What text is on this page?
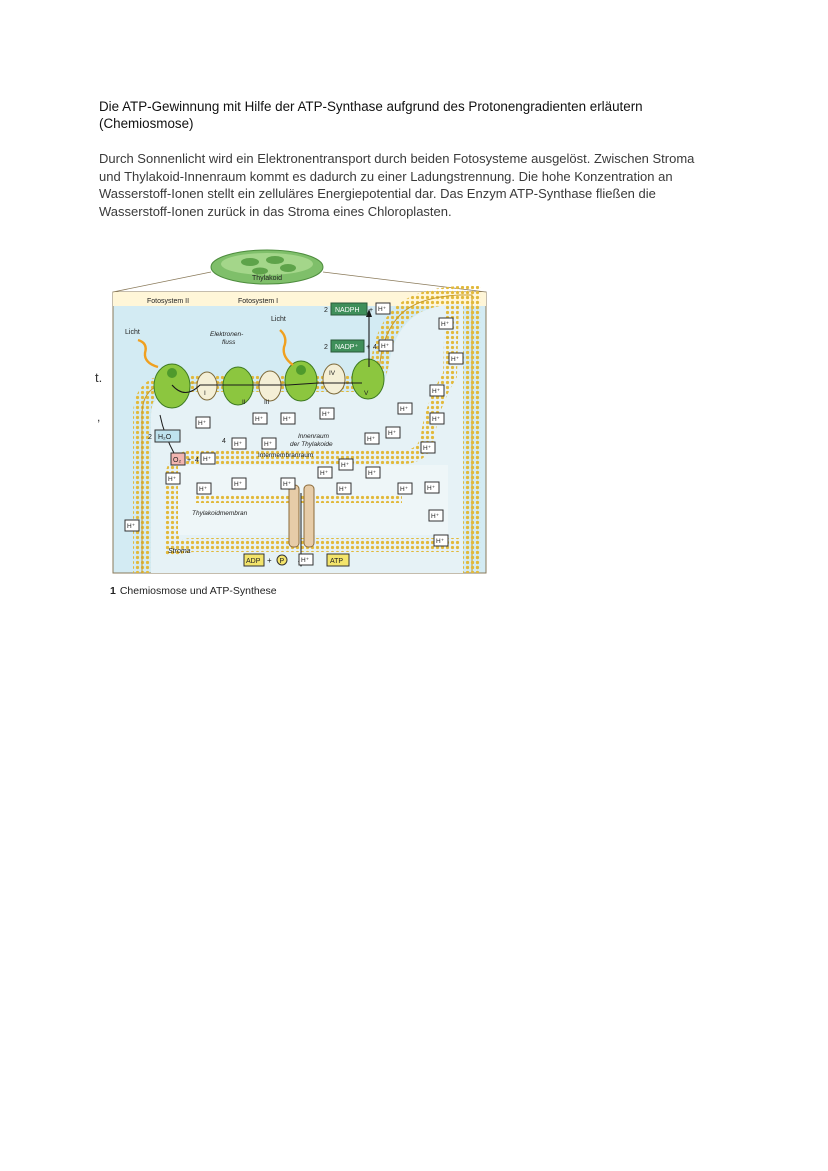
Die ATP-Gewinnung mit Hilfe der ATP-Synthase aufgrund des Protonengradienten erläutern (Chemiosmose)
Durch Sonnenlicht wird ein Elektronentransport durch beiden Fotosysteme ausgelöst. Zwischen Stroma und Thylakoid-Innenraum kommt es dadurch zu einer Ladungstrennung. Die hohe Konzentration an Wasserstoff-Ionen stellt ein zelluläres Energiepotential dar. Das Enzym ATP-Synthase fließen die Wasserstoff-Ionen zurück in das Stroma eines Chloroplasten.
t.
,
Thylakoid
Fotosystem II	Fotosystem I
Licht
Licht
Elektronen-
fluss
2 NADPH + H⁺
2 NADP⁺ + 4 H⁺
I
II	III
IV
V
2 H₂O
O₂ + 4 H⁺
4
Innenraum
der Thylakoide
Intermembranraum
Thylakoidmembran
Stroma
ADP + P	H⁺	ATP
H⁺
H⁺
H⁺
H⁺
H⁺
H⁺
H⁺
H⁺
H⁺
H⁺
H⁺
H⁺
H⁺
H⁺
H⁺
H⁺
H⁺
H⁺
H⁺	H⁺
H⁺
H⁺
H⁺
H⁺	H⁺
H⁺
H⁺
1 Chemiosmose und ATP-Synthese
